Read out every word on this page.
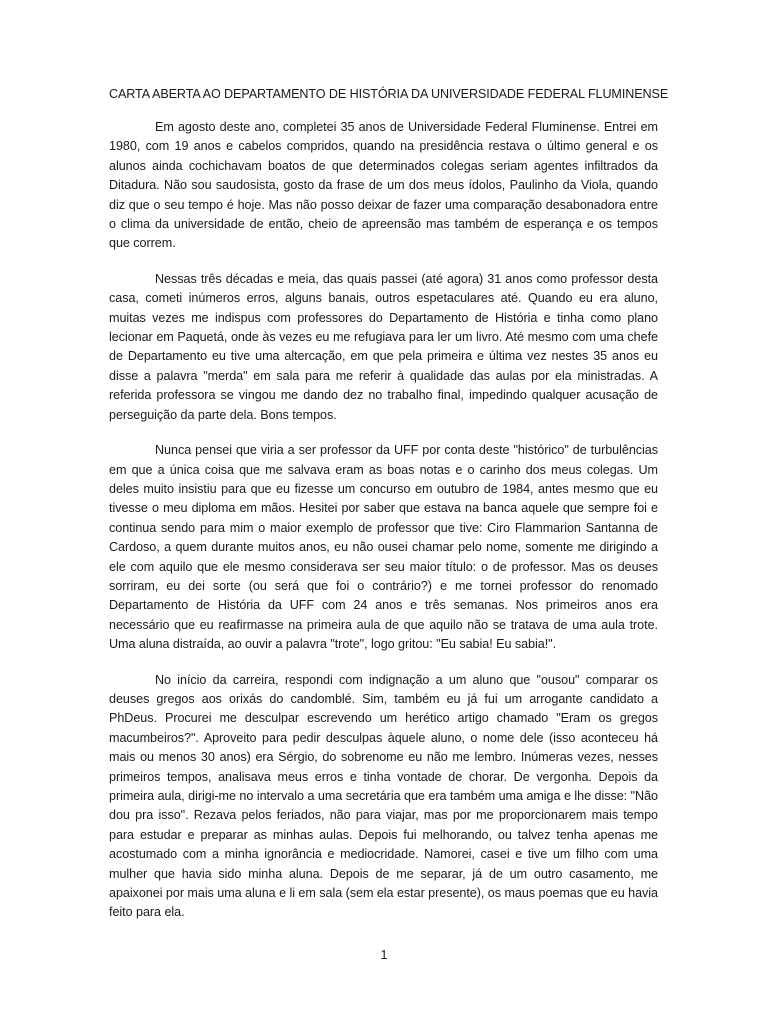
CARTA ABERTA AO DEPARTAMENTO DE HISTÓRIA DA UNIVERSIDADE FEDERAL FLUMINENSE

Em agosto deste ano, completei 35 anos de Universidade Federal Fluminense. Entrei em 1980, com 19 anos e cabelos compridos, quando na presidência restava o último general e os alunos ainda cochichavam boatos de que determinados colegas seriam agentes infiltrados da Ditadura. Não sou saudosista, gosto da frase de um dos meus ídolos, Paulinho da Viola, quando diz que o seu tempo é hoje. Mas não posso deixar de fazer uma comparação desabonadora entre o clima da universidade de então, cheio de apreensão mas também de esperança e os tempos que correm.

Nessas três décadas e meia, das quais passei (até agora) 31 anos como professor desta casa, cometi inúmeros erros, alguns banais, outros espetaculares até. Quando eu era aluno, muitas vezes me indispus com professores do Departamento de História e tinha como plano lecionar em Paquetá, onde às vezes eu me refugiava para ler um livro. Até mesmo com uma chefe de Departamento eu tive uma altercação, em que pela primeira e última vez nestes 35 anos eu disse a palavra "merda" em sala para me referir à qualidade das aulas por ela ministradas. A referida professora se vingou me dando dez no trabalho final, impedindo qualquer acusação de perseguição da parte dela. Bons tempos.

Nunca pensei que viria a ser professor da UFF por conta deste "histórico" de turbulências em que a única coisa que me salvava eram as boas notas e o carinho dos meus colegas. Um deles muito insistiu para que eu fizesse um concurso em outubro de 1984, antes mesmo que eu tivesse o meu diploma em mãos. Hesitei por saber que estava na banca aquele que sempre foi e continua sendo para mim o maior exemplo de professor que tive: Ciro Flammarion Santanna de Cardoso, a quem durante muitos anos, eu não ousei chamar pelo nome, somente me dirigindo a ele com aquilo que ele mesmo considerava ser seu maior título: o de professor. Mas os deuses sorriram, eu dei sorte (ou será que foi o contrário?) e me tornei professor do renomado Departamento de História da UFF com 24 anos e três semanas. Nos primeiros anos era necessário que eu reafirmasse na primeira aula de que aquilo não se tratava de uma aula trote. Uma aluna distraída, ao ouvir a palavra "trote", logo gritou: "Eu sabia! Eu sabia!".

No início da carreira, respondi com indignação a um aluno que "ousou" comparar os deuses gregos aos orixás do candomblé. Sim, também eu já fui um arrogante candidato a PhDeus. Procurei me desculpar escrevendo um herético artigo chamado "Eram os gregos macumbeiros?". Aproveito para pedir desculpas àquele aluno, o nome dele (isso aconteceu há mais ou menos 30 anos) era Sérgio, do sobrenome eu não me lembro. Inúmeras vezes, nesses primeiros tempos, analisava meus erros e tinha vontade de chorar. De vergonha. Depois da primeira aula, dirigi-me no intervalo a uma secretária que era também uma amiga e lhe disse: "Não dou pra isso". Rezava pelos feriados, não para viajar, mas por me proporcionarem mais tempo para estudar e preparar as minhas aulas. Depois fui melhorando, ou talvez tenha apenas me acostumado com a minha ignorância e mediocridade. Namorei, casei e tive um filho com uma mulher que havia sido minha aluna. Depois de me separar, já de um outro casamento, me apaixonei por mais uma aluna e li em sala (sem ela estar presente), os maus poemas que eu havia feito para ela.

1
